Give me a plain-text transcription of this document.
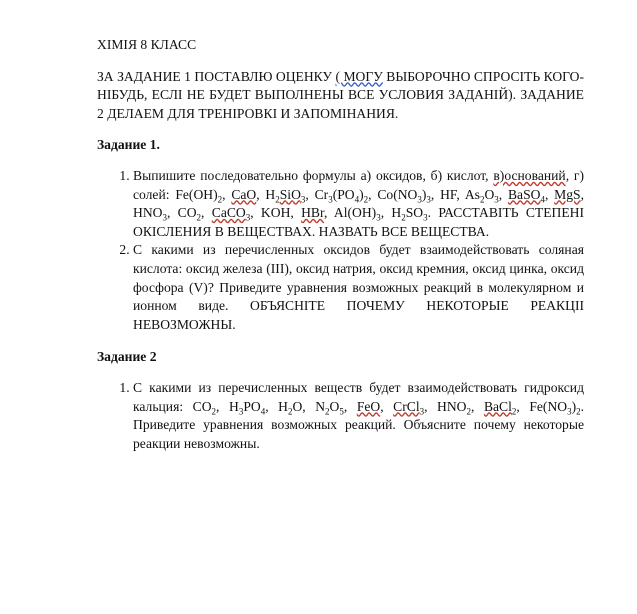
ХІМІЯ 8 КЛАСС

ЗА ЗАДАНИЕ 1 ПОСТАВЛЮ ОЦЕНКУ ( МОГУ ВЫБОРОЧНО СПРОСІТЬ КОГО-НІБУДЬ, ЕСЛІ НЕ БУДЕТ ВЫПОЛНЕНЫ ВСЕ УСЛОВИЯ ЗАДАНІЙ). ЗАДАНИЕ 2 ДЕЛАЕМ ДЛЯ ТРЕНІРОВКІ И ЗАПОМІНАНИЯ.

Задание 1.

1. Выпишите последовательно формулы а) оксидов, б) кислот, в)оснований, г) солей: $Fe(OH)_2$, CaO, $H_2SiO_3$, $Cr_3(PO_4)_2$, $Co(NO_3)_3$, HF, $As_2O_3$, BaSO$_4$, MgS, $HNO_3$, $CO_2$, CaCO$_3$, KOH, HBr, $Al(OH)_3$, $H_2SO_3$. РАССТАВІТЬ СТЕПЕНІ ОКІСЛЕНИЯ В ВЕЩЕСТВАХ. НАЗВАТЬ ВСЕ ВЕЩЕСТВА.
2. С какими из перечисленных оксидов будет взаимодействовать соляная кислота: оксид железа (III), оксид натрия, оксид кремния, оксид цинка, оксид фосфора (V)? Приведите уравнения возможных реакций в молекулярном и ионном виде. ОБЪЯСНІТЕ ПОЧЕМУ НЕКОТОРЫЕ РЕАКЦІІ НЕВОЗМОЖНЫ.

Задание 2

1. С какими из перечисленных веществ будет взаимодействовать гидроксид кальция: $CO_2$, $H_3PO_4$, $H_2O$, $N_2O_5$, FeO, CrCl$_3$, $HNO_2$, BaCl$_2$, $Fe(NO_3)_2$. Приведите уравнения возможных реакций. Объясните почему некоторые реакции невозможны.
